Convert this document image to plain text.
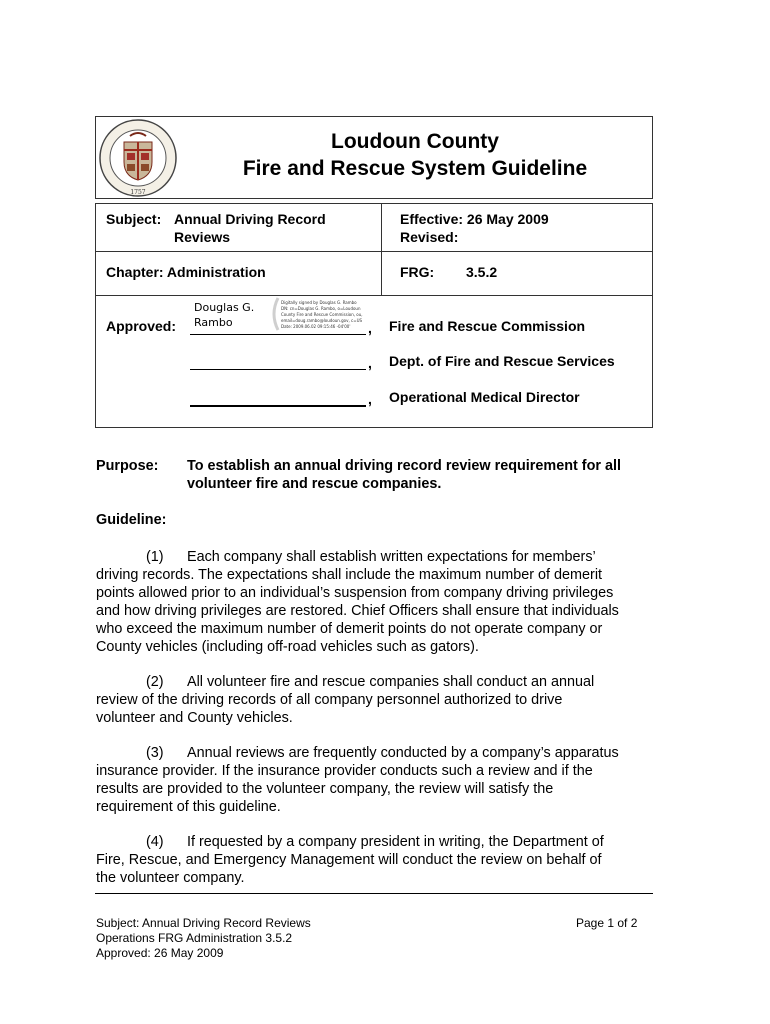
1757
Loudoun County
Fire and Rescue System Guideline
Subject: Annual Driving Record
Reviews
Effective: 26 May 2009
Revised:
Chapter: Administration	FRG: 3.5.2
Approved:
Douglas G.
Rambo
Digitally signed by Douglas G. Rambo
DN: cn=Douglas G. Rambo, o=Loudoun
County Fire and Rescue Commission, ou,
email=doug.rambo@loudoun.gov, c=US
Date: 2009.06.02 09:15:46 -04'00' , Fire and Rescue Commission
, Dept. of Fire and Rescue Services
, Operational Medical Director
Purpose: To establish an annual driving record review requirement for all
volunteer fire and rescue companies.
Guideline:
(1) Each company shall establish written expectations for members’
driving records. The expectations shall include the maximum number of demerit
points allowed prior to an individual’s suspension from company driving privileges
and how driving privileges are restored. Chief Officers shall ensure that individuals
who exceed the maximum number of demerit points do not operate company or
County vehicles (including off-road vehicles such as gators).
(2) All volunteer fire and rescue companies shall conduct an annual
review of the driving records of all company personnel authorized to drive
volunteer and County vehicles.
(3) Annual reviews are frequently conducted by a company’s apparatus
insurance provider. If the insurance provider conducts such a review and if the
results are provided to the volunteer company, the review will satisfy the
requirement of this guideline.
(4) If requested by a company president in writing, the Department of
Fire, Rescue, and Emergency Management will conduct the review on behalf of
the volunteer company.
Subject: Annual Driving Record Reviews
Operations FRG Administration 3.5.2
Approved: 26 May 2009
Page 1 of 2
